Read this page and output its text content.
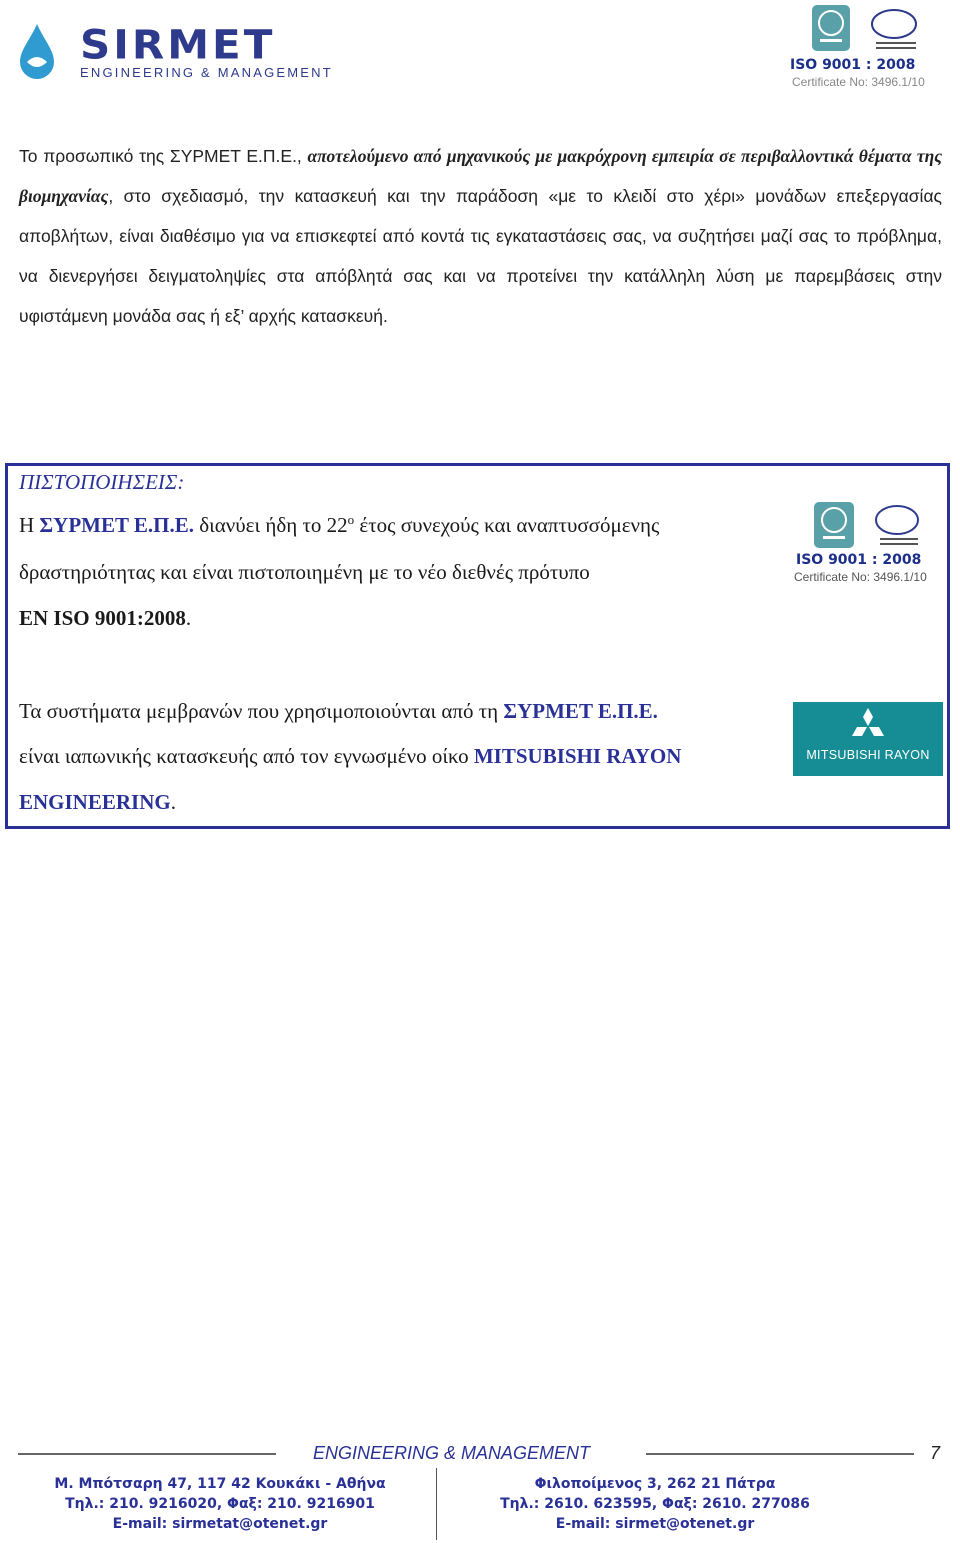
SIRMET
ENGINEERING & MANAGEMENT	ISO 9001 : 2008
Certificate No: 3496.1/10
Το προσωπικό της ΣΥΡΜΕΤ Ε.Π.Ε., αποτελούμενο από μηχανικούς με μακρόχρονη εμπειρία σε περιβαλλοντικά θέματα της βιομηχανίας, στο σχεδιασμό, την κατασκευή και την παράδοση «με το κλειδί στο χέρι» μονάδων επεξεργασίας αποβλήτων, είναι διαθέσιμο για να επισκεφτεί από κοντά τις εγκαταστάσεις σας, να συζητήσει μαζί σας το πρόβλημα, να διενεργήσει δειγματοληψίες στα απόβλητά σας και να προτείνει την κατάλληλη λύση με παρεμβάσεις στην υφιστάμενη μονάδα σας ή εξ’ αρχής κατασκευή.
ΠΙΣΤΟΠΟΙΗΣΕΙΣ:
Η ΣΥΡΜΕΤ Ε.Π.Ε. διανύει ήδη το $22^o$ έτος συνεχούς και αναπτυσσόμενης
δραστηριότητας και είναι πιστοποιημένη με το νέο διεθνές πρότυπο
EN ISO 9001:2008.
ISO 9001 : 2008
Certificate No: 3496.1/10
Τα συστήματα μεμβρανών που χρησιμοποιούνται από τη ΣΥΡΜΕΤ Ε.Π.Ε.
είναι ιαπωνικής κατασκευής από τον εγνωσμένο οίκο MITSUBISHI RAYON
ENGINEERING.
MITSUBISHI RAYON
ENGINEERING & MANAGEMENT	7
Μ. Μπότσαρη 47, 117 42 Κουκάκι - Αθήνα
Τηλ.: 210. 9216020, Φαξ: 210. 9216901
E-mail: sirmetat@otenet.gr
Φιλοποίμενος 3, 262 21 Πάτρα
Τηλ.: 2610. 623595, Φαξ: 2610. 277086
E-mail: sirmet@otenet.gr
